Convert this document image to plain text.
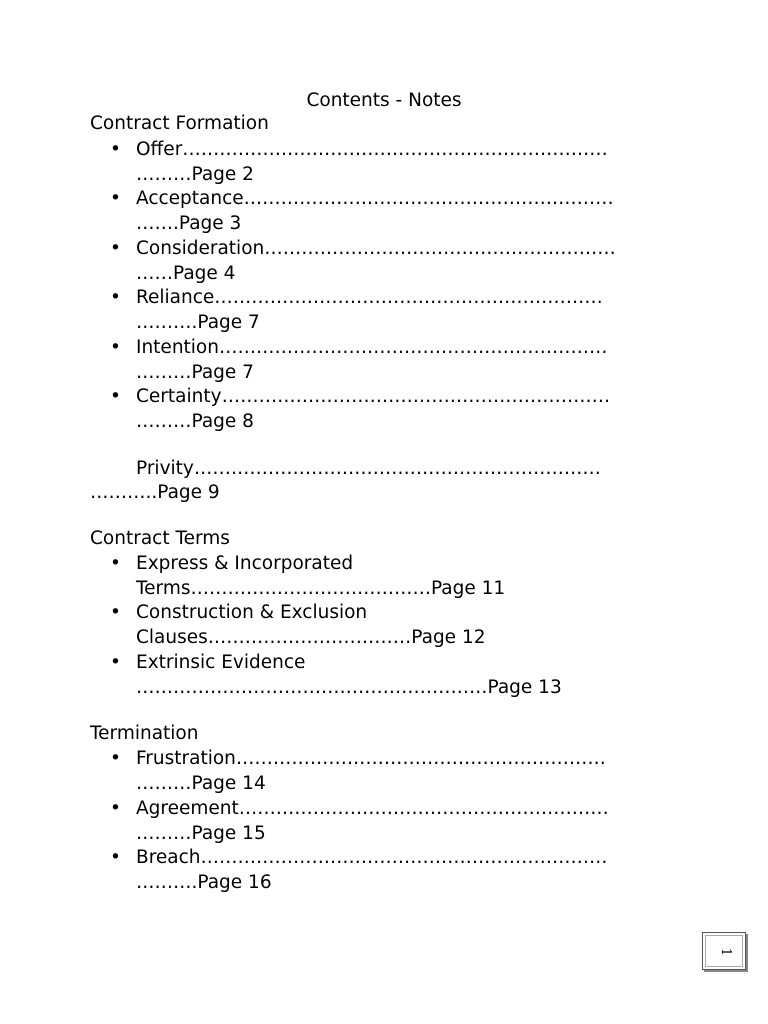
Contents - Notes
Contract Formation
• Offer……………………………………………………………
………Page 2
• Acceptance……………………………………………………
…….Page 3
• Consideration…………………………………………………
……Page 4
• Reliance………………………………………………………
……….Page 7
• Intention………………………………………………………
………Page 7
• Certainty………………………………………………………
………Page 8
Privity…………………………………………………………
………..Page 9
Contract Terms
• Express & Incorporated
Terms…………………………………Page 11
• Construction & Exclusion
Clauses……………………………Page 12
• Extrinsic Evidence
…………………………………………………Page 13
Termination
• Frustration……………………………………………………
………Page 14
• Agreement……………………………………………………
………Page 15
• Breach…………………………………………………………
……….Page 16
1
